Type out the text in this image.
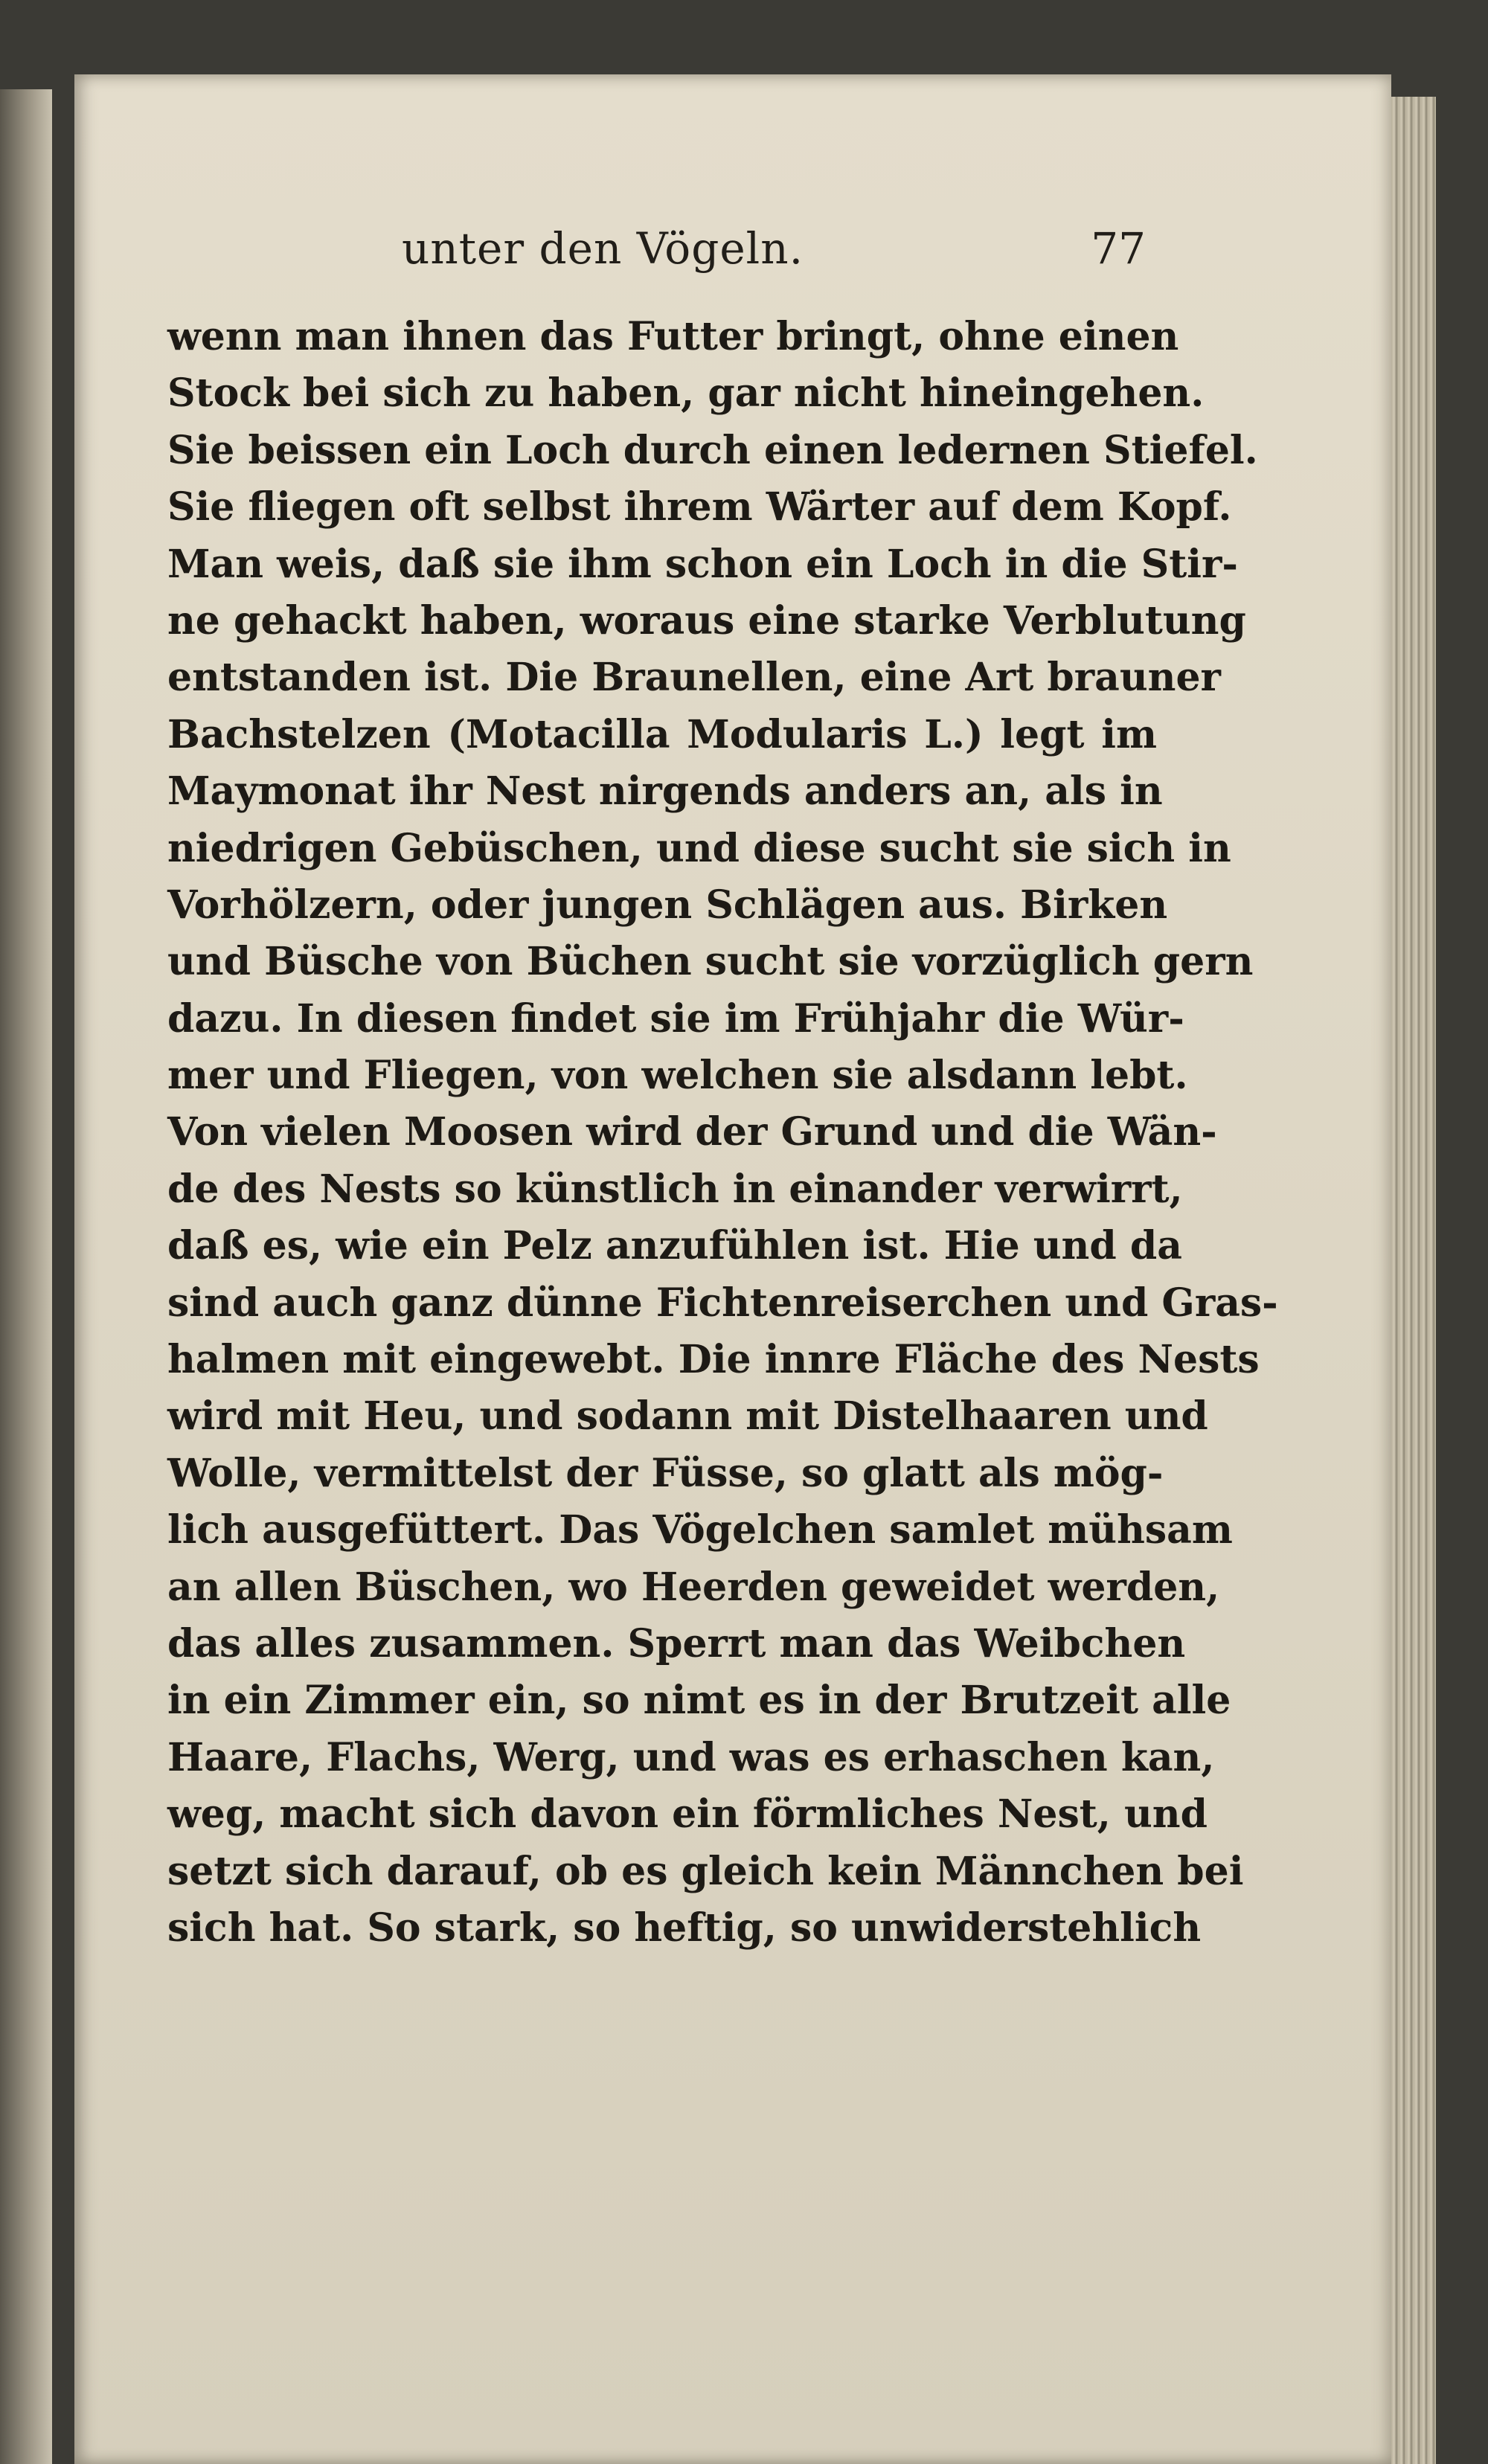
unter den Vögeln.	77
wenn man ihnen das Futter bringt, ohne einen
Stock bei sich zu haben, gar nicht hineingehen.
Sie beissen ein Loch durch einen ledernen Stiefel.
Sie fliegen oft selbst ihrem Wärter auf dem Kopf.
Man weis, daß sie ihm schon ein Loch in die Stir-
ne gehackt haben, woraus eine starke Verblutung
entstanden ist. Die Braunellen, eine Art brauner
Bachstelzen (Motacilla Modularis L.) legt im
Maymonat ihr Nest nirgends anders an, als in
niedrigen Gebüschen, und diese sucht sie sich in
Vorhölzern, oder jungen Schlägen aus. Birken
und Büsche von Büchen sucht sie vorzüglich gern
dazu. In diesen findet sie im Frühjahr die Wür-
mer und Fliegen, von welchen sie alsdann lebt.
Von vielen Moosen wird der Grund und die Wän-
de des Nests so künstlich in einander verwirrt,
daß es, wie ein Pelz anzufühlen ist. Hie und da
sind auch ganz dünne Fichtenreiserchen und Gras-
halmen mit eingewebt. Die innre Fläche des Nests
wird mit Heu, und sodann mit Distelhaaren und
Wolle, vermittelst der Füsse, so glatt als mög-
lich ausgefüttert. Das Vögelchen samlet mühsam
an allen Büschen, wo Heerden geweidet werden,
das alles zusammen. Sperrt man das Weibchen
in ein Zimmer ein, so nimt es in der Brutzeit alle
Haare, Flachs, Werg, und was es erhaschen kan,
weg, macht sich davon ein förmliches Nest, und
setzt sich darauf, ob es gleich kein Männchen bei
sich hat. So stark, so heftig, so unwiderstehlich
